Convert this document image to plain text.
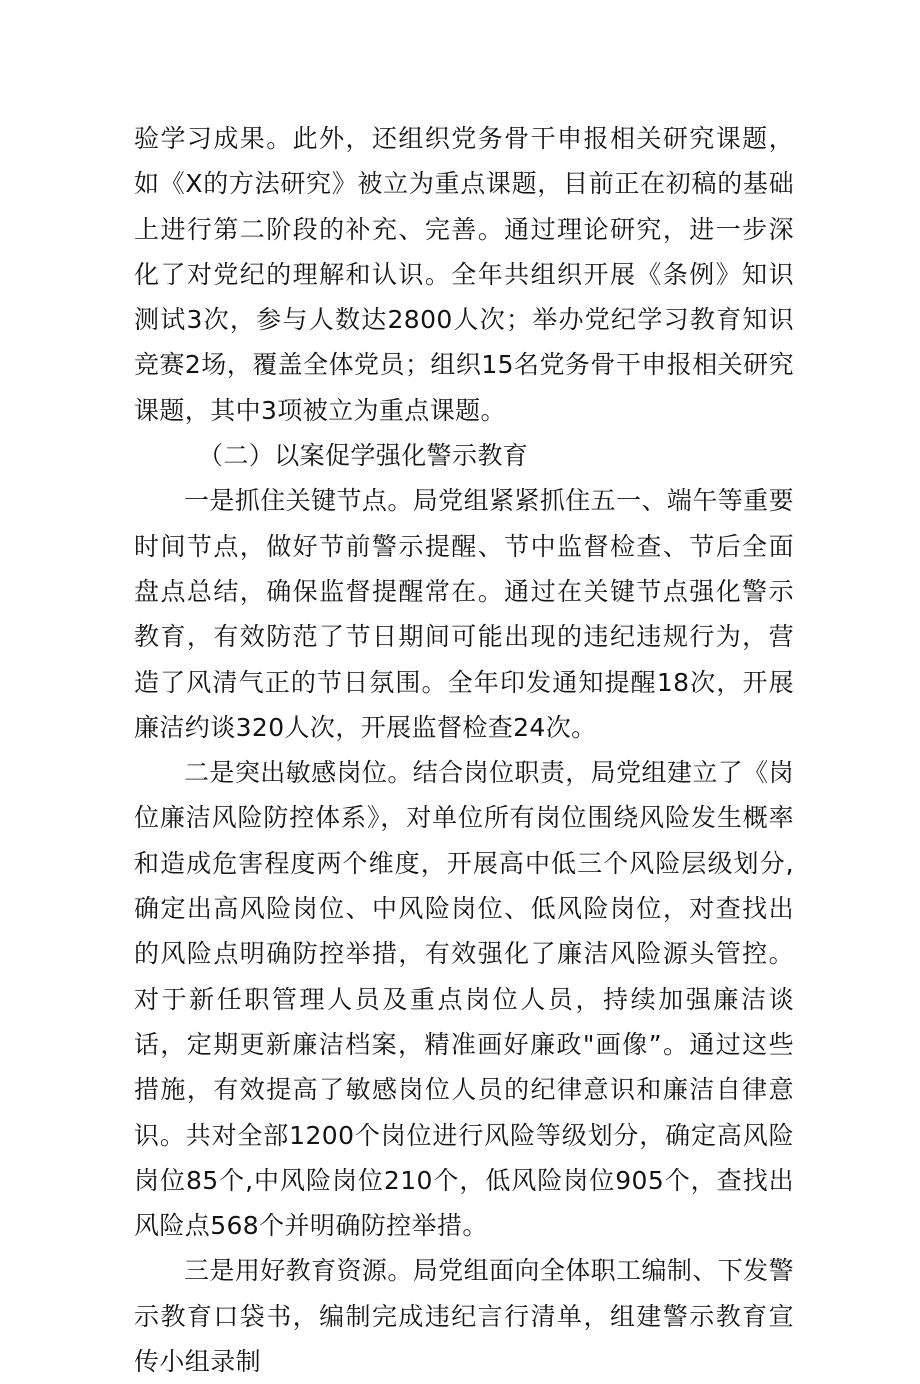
验学习成果。此外，还组织党务骨干申报相关研究课题，如《X的方法研究》被立为重点课题，目前正在初稿的基础上进行第二阶段的补充、完善。通过理论研究，进一步深化了对党纪的理解和认识。全年共组织开展《条例》知识测试3次，参与人数达2800人次；举办党纪学习教育知识竞赛2场，覆盖全体党员；组织15名党务骨干申报相关研究课题，其中3项被立为重点课题。

（二）以案促学强化警示教育

一是抓住关键节点。局党组紧紧抓住五一、端午等重要时间节点，做好节前警示提醒、节中监督检查、节后全面盘点总结，确保监督提醒常在。通过在关键节点强化警示教育，有效防范了节日期间可能出现的违纪违规行为，营造了风清气正的节日氛围。全年印发通知提醒18次，开展廉洁约谈320人次，开展监督检查24次。

二是突出敏感岗位。结合岗位职责，局党组建立了《岗位廉洁风险防控体系》，对单位所有岗位围绕风险发生概率和造成危害程度两个维度，开展高中低三个风险层级划分,确定出高风险岗位、中风险岗位、低风险岗位，对查找出的风险点明确防控举措，有效强化了廉洁风险源头管控。对于新任职管理人员及重点岗位人员，持续加强廉洁谈话，定期更新廉洁档案，精准画好廉政"画像”。通过这些措施，有效提高了敏感岗位人员的纪律意识和廉洁自律意识。共对全部1200个岗位进行风险等级划分，确定高风险岗位85个,中风险岗位210个，低风险岗位905个，查找出风险点568个并明确防控举措。

三是用好教育资源。局党组面向全体职工编制、下发警示教育口袋书，编制完成违纪言行清单，组建警示教育宣传小组录制
